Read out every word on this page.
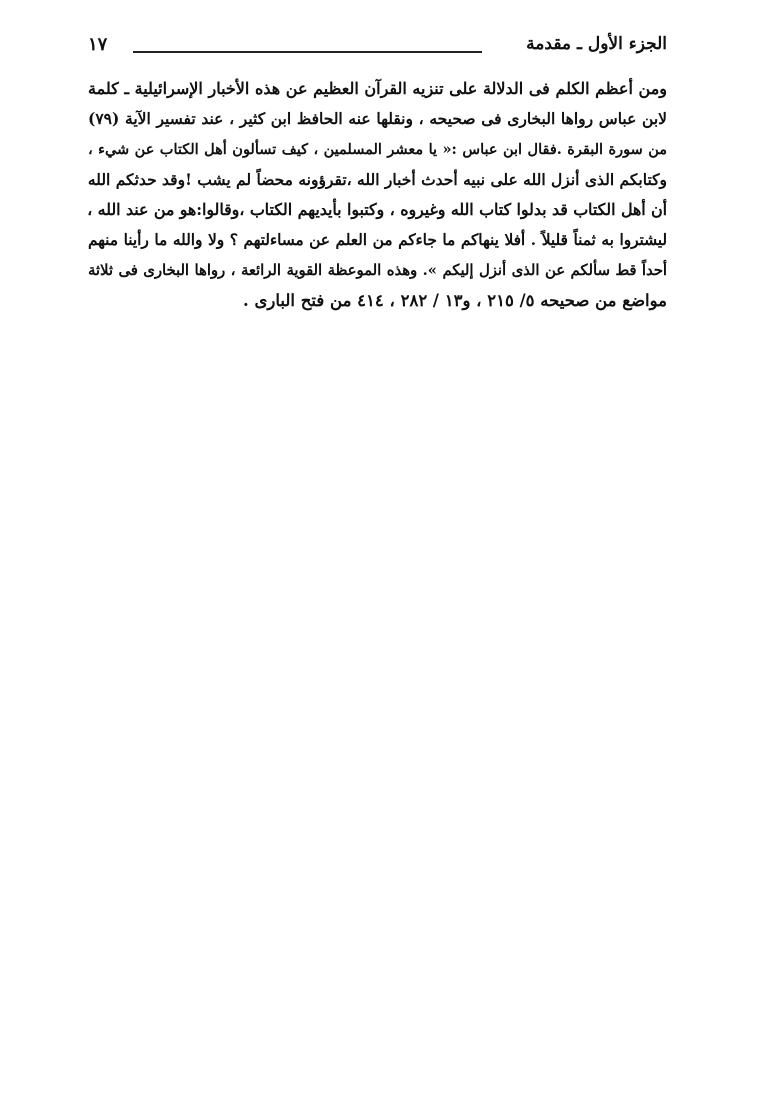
الجزء الأول ـ مقدمة
١٧
ومن أعظم الكلم فى الدلالة على تنزيه القرآن العظيم عن هذه الأخبار الإسرائيلية ـ كلمة
لابن عباس رواها البخارى فى صحيحه ، ونقلها عنه الحافظ ابن كثير ، عند تفسير الآية (٧٩)
من سورة البقرة .فقال ابن عباس :« يا معشر المسلمين ، كيف تسألون أهل الكتاب عن شيء ،
وكتابكم الذى أنزل الله على نبيه أحدث أخبار الله ،تقرؤونه محضاً لم يشب !وقد حدثكم الله
أن أهل الكتاب قد بدلوا كتاب الله وغيروه ، وكتبوا بأيديهم الكتاب ،وقالوا:هو من عند الله ،
ليشتروا به ثمناً قليلاً . أفلا ينهاكم ما جاءكم من العلم عن مساءلتهم ؟ ولا والله ما رأينا منهم
أحداً قط سألكم عن الذى أنزل إليكم ». وهذه الموعظة القوية الرائعة ، رواها البخارى فى ثلاثة
مواضع من صحيحه ٥/ ٢١٥ ، و١٣ / ٢٨٢ ، ٤١٤ من فتح البارى .
